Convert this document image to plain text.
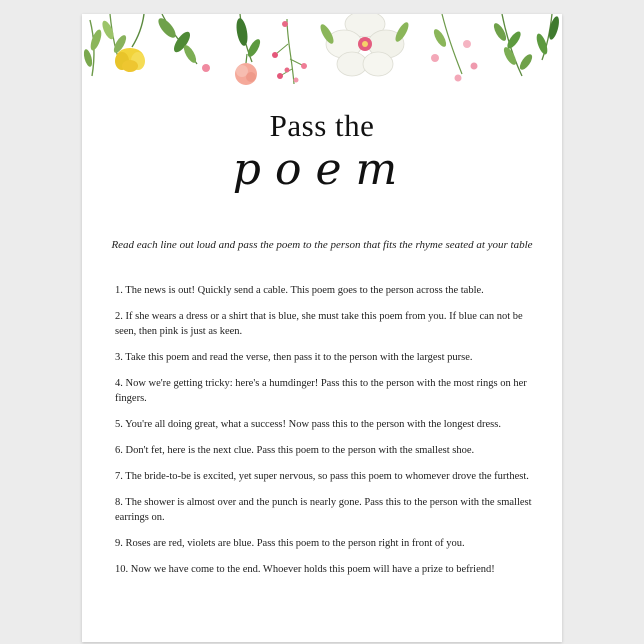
Pass the
poem
Read each line out loud and pass the poem to the person that fits the rhyme seated at your table
1. The news is out! Quickly send a cable. This poem goes to the person across the table.
2. If she wears a dress or a shirt that is blue, she must take this poem from you. If blue can not be seen, then pink is just as keen.
3. Take this poem and read the verse, then pass it to the person with the largest purse.
4. Now we're getting tricky: here's a humdinger! Pass this to the person with the most rings on her fingers.
5. You're all doing great, what a success! Now pass this to the person with the longest dress.
6. Don't fet, here is the next clue. Pass this poem to the person with the smallest shoe.
7. The bride-to-be is excited, yet super nervous, so pass this poem to whomever drove the furthest.
8. The shower is almost over and the punch is nearly gone. Pass this to the person with the smallest earrings on.
9. Roses are red, violets are blue. Pass this poem to the person right in front of you.
10. Now we have come to the end. Whoever holds this poem will have a prize to befriend!
